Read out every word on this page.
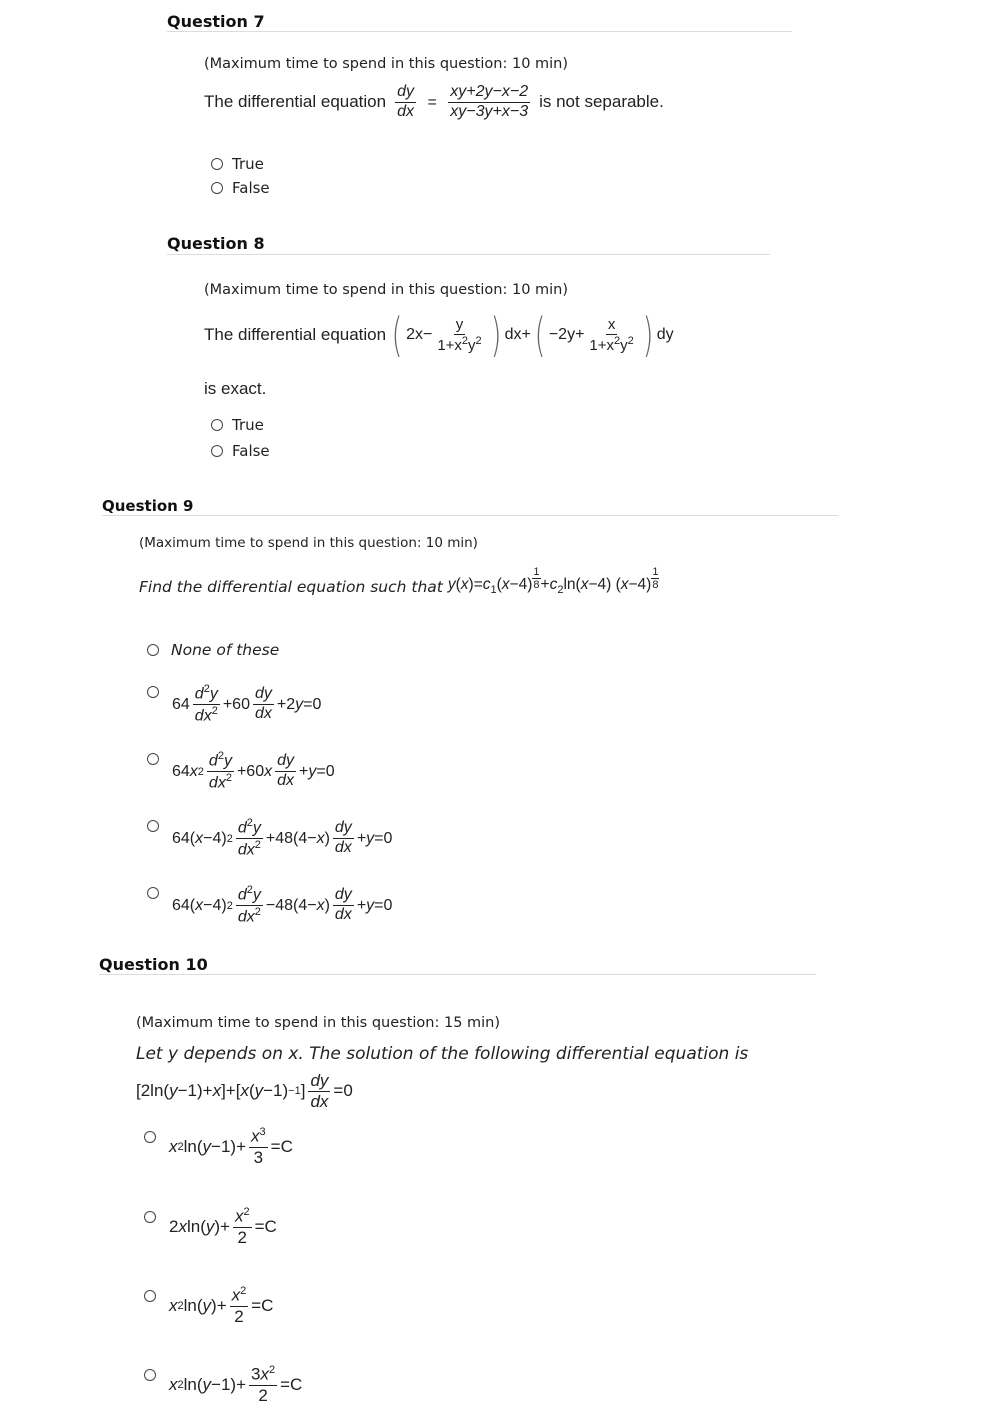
Question 7
(Maximum time to spend in this question: 10 min)
The differential equation $\frac{dy}{dx} = \frac{xy+2y-x-2}{xy-3y+x-3}$ is not separable.
True
False
Question 8
(Maximum time to spend in this question: 10 min)
The differential equation ( $2x- \frac{y}{1+x^2y^2}$ ) dx+ ( $-2y+ \frac{x}{1+x^2y^2}$ ) dy
is exact.
True
False
Question 9
(Maximum time to spend in this question: 10 min)
Find the differential equation such that $y(x)=c_1(x-4) \frac{1}{8} +c_2\ln(x-4)$ $(x-4) \frac{1}{8}$
None of these
$64 \frac{d^2y}{dx^2} +60 \frac{dy}{dx} +2$ y =0
64 x $2 \frac{d^2y}{dx^2} +60$ x $\frac{dy}{dx} + y =0$
64( x −4) $2 \frac{d^2y}{dx^2} +48(4- x$ ) $\frac{dy}{dx} + y =0$
64( x −4) $2 \frac{d^2y}{dx^2} -48(4- x$ ) $\frac{dy}{dx} + y =0$
Question 10
(Maximum time to spend in this question: 15 min)
Let y depends on x. The solution of the following differential equation is
[2ln( y −1)+ x ]+[ x ( y −1) −1 ] $\frac{dy}{dx} =0$
x 2 ln( $y -1)+ \frac{x^3}{3} =C$
2 x ln( y )+ $\frac{x^2}{2} =C$
x 2 ln( y )+ $\frac{x^2}{2} =C$
x 2 ln( $y -1)+ \frac{3x^2}{2} =C$
